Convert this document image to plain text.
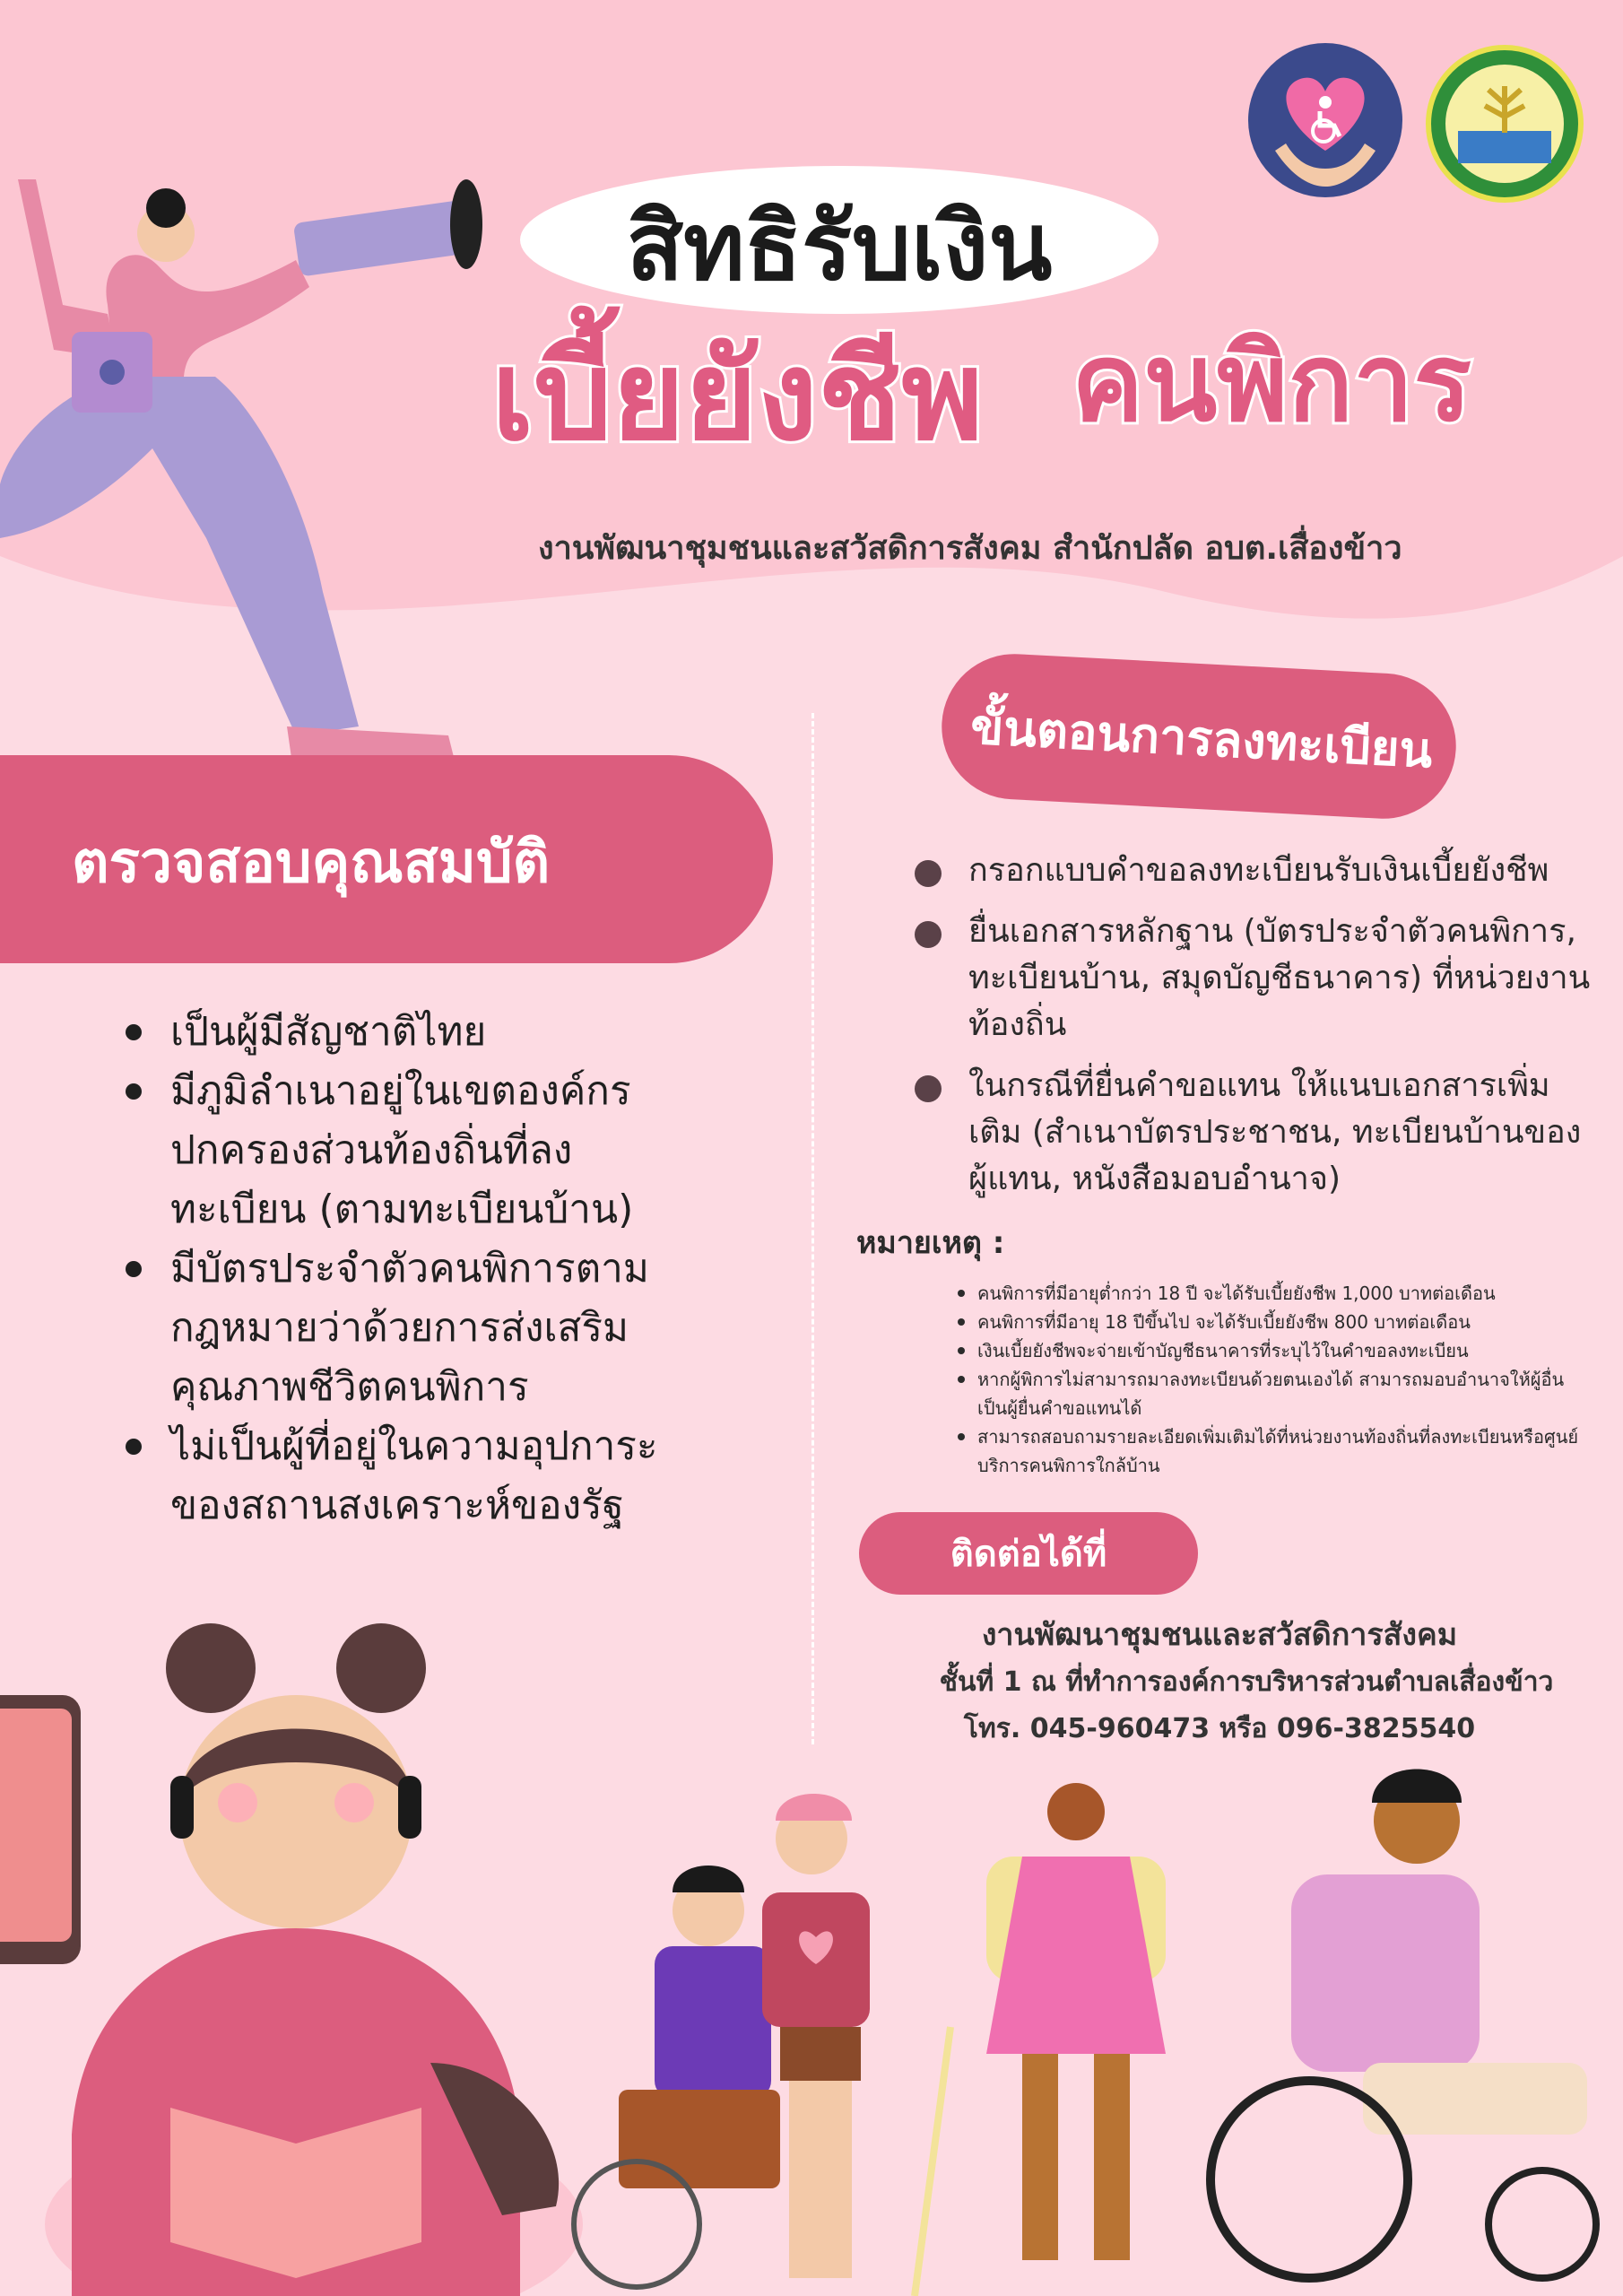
สิทธิรับเงิน
เบี้ยยังชีพ คนพิการ
งานพัฒนาชุมชนและสวัสดิการสังคม สำนักปลัด อบต.เสื่องข้าว
ตรวจสอบคุณสมบัติ
เป็นผู้มีสัญชาติไทย
มีภูมิลำเนาอยู่ในเขตองค์กรปกครองส่วนท้องถิ่นที่ลงทะเบียน (ตามทะเบียนบ้าน)
มีบัตรประจำตัวคนพิการตามกฎหมายว่าด้วยการส่งเสริมคุณภาพชีวิตคนพิการ
ไม่เป็นผู้ที่อยู่ในความอุปการะของสถานสงเคราะห์ของรัฐ
ขั้นตอนการลงทะเบียน
กรอกแบบคำขอลงทะเบียนรับเงินเบี้ยยังชีพ
ยื่นเอกสารหลักฐาน (บัตรประจำตัวคนพิการ, ทะเบียนบ้าน, สมุดบัญชีธนาคาร) ที่หน่วยงานท้องถิ่น
ในกรณีที่ยื่นคำขอแทน ให้แนบเอกสารเพิ่มเติม (สำเนาบัตรประชาชน, ทะเบียนบ้านของผู้แทน, หนังสือมอบอำนาจ)
หมายเหตุ :
คนพิการที่มีอายุต่ำกว่า 18 ปี จะได้รับเบี้ยยังชีพ 1,000 บาทต่อเดือน
คนพิการที่มีอายุ 18 ปีขึ้นไป จะได้รับเบี้ยยังชีพ 800 บาทต่อเดือน
เงินเบี้ยยังชีพจะจ่ายเข้าบัญชีธนาคารที่ระบุไว้ในคำขอลงทะเบียน
หากผู้พิการไม่สามารถมาลงทะเบียนด้วยตนเองได้ สามารถมอบอำนาจให้ผู้อื่นเป็นผู้ยื่นคำขอแทนได้
สามารถสอบถามรายละเอียดเพิ่มเติมได้ที่หน่วยงานท้องถิ่นที่ลงทะเบียนหรือศูนย์บริการคนพิการใกล้บ้าน
ติดต่อได้ที่
งานพัฒนาชุมชนและสวัสดิการสังคม
ชั้นที่ 1 ณ ที่ทำการองค์การบริหารส่วนตำบลเสื่องข้าว
โทร. 045-960473 หรือ 096-3825540
